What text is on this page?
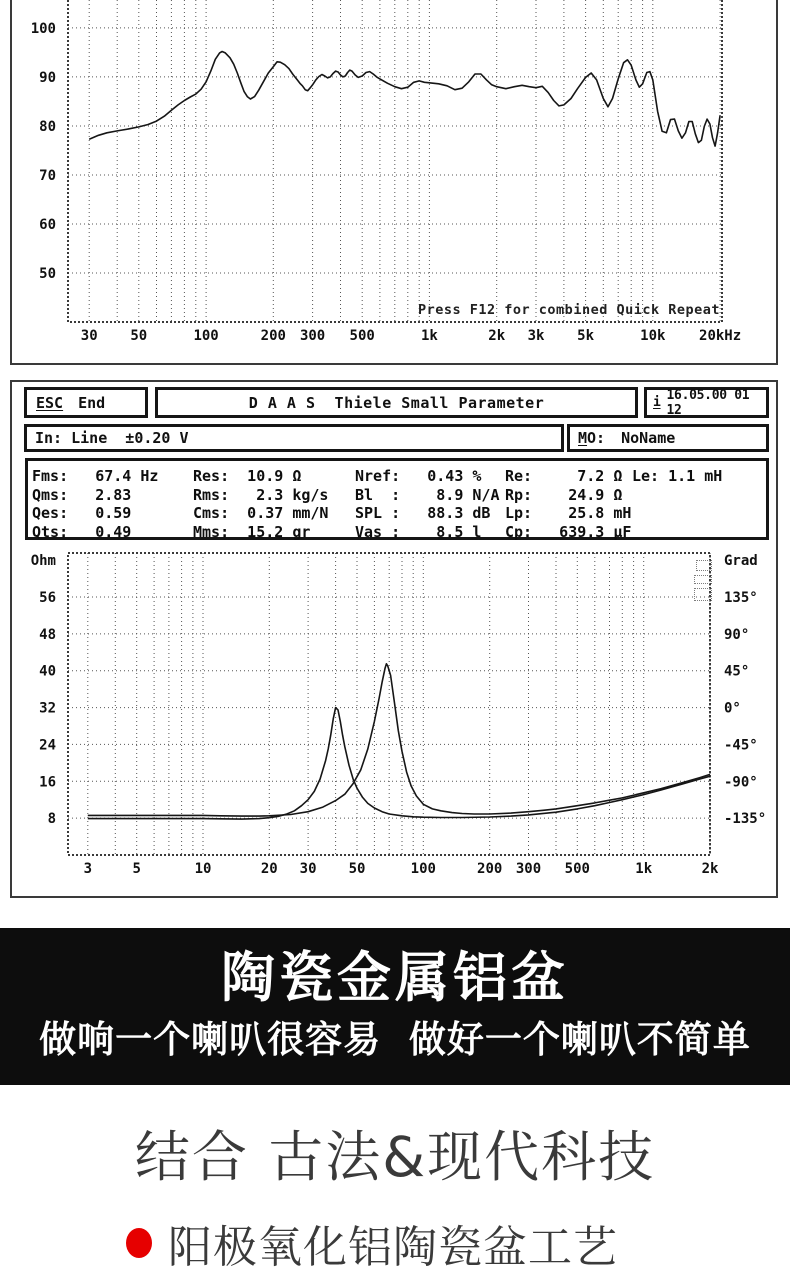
30 50	100	200 300 500	1k	2k 3k 5k	10k 20kHz
100
90
80
70
60
50
Press F12 for combined Quick Repeat
ESC End	D A A S  Thiele Small Parameter	i 16.05.00 01 12
In: Line  ±0.20 V	M O: NoName
Fms:   67.4 Hz	Res:  10.9 Ω	Nref:   0.43 %	Re:     7.2 Ω Le: 1.1 mH
Qms:   2.83	Rms:   2.3 kg/s	Bl  :    8.9 N/A Rp:    24.9 Ω
Qes:   0.59	Cms:  0.37 mm/N	SPL :   88.3 dB Lp:    25.8 mH
Qts:   0.49	Mms:  15.2 gr	Vas :    8.5 l	Cp:   639.3 µF
3	5	10	20 30 50	100	200 300 500	1k	2k
56
48
40
32
24
16
8
135°
90°
45°
0°
-45°
-90°
-135°
Ohm	Grad
陶瓷金属铝盆
做响一个喇叭很容易  做好一个喇叭不简单
结合 古法&现代科技
阳极氧化铝陶瓷盆工艺
